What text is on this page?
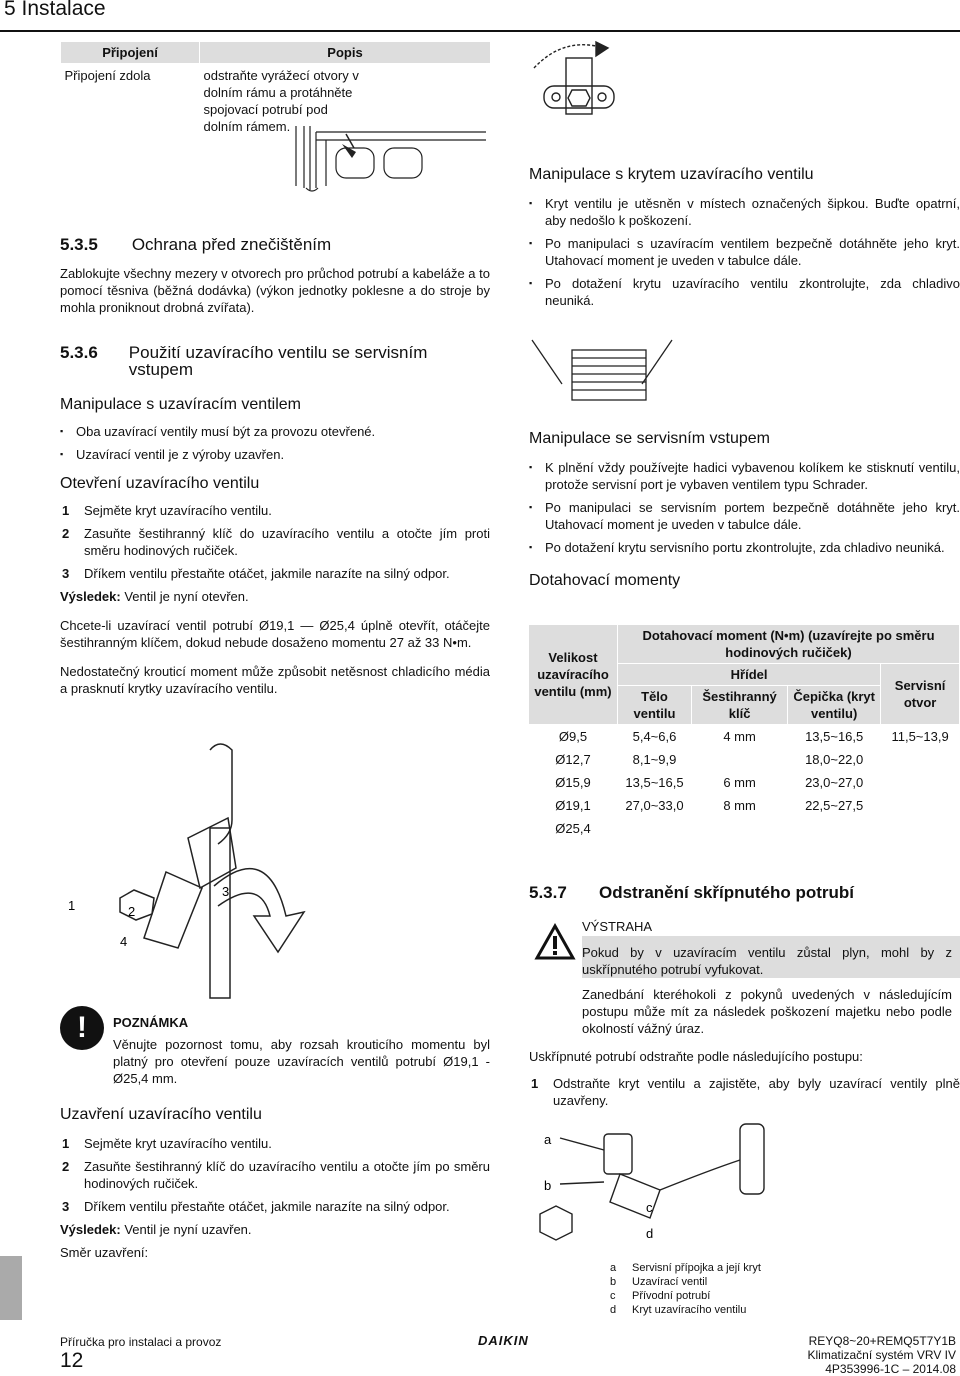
5 Instalace
Připojení	Popis
Připojení zdola	odstraňte vyrážecí otvory v dolním rámu a protáhněte spojovací potrubí pod dolním rámem.
5.3.5 Ochrana před znečištěním

Zablokujte všechny mezery v otvorech pro průchod potrubí a kabeláže a to pomocí těsniva (běžná dodávka) (výkon jednotky poklesne a do stroje by mohla proniknout drobná zvířata).

5.3.6	Použití uzavíracího ventilu se servisním vstupem
Manipulace s uzavíracím ventilem
▪ Oba uzavírací ventily musí být za provozu otevřené.
▪ Uzavírací ventil je z výroby uzavřen.
Otevření uzavíracího ventilu
1 Sejměte kryt uzavíracího ventilu.
2 Zasuňte šestihranný klíč do uzavíracího ventilu a otočte jím proti směru hodinových ručiček.
3 Dříkem ventilu přestaňte otáčet, jakmile narazíte na silný odpor.
Výsledek: Ventil je nyní otevřen.

Chcete-li uzavírací ventil potrubí Ø19,1 — Ø25,4 úplně otevřít, otáčejte šestihranným klíčem, dokud nebude dosaženo momentu 27 až 33 N•m.

Nedostatečný krouticí moment může způsobit netěsnost chladicího média a prasknutí krytky uzavíracího ventilu.

2
1
3
4
!	POZNÁMKA
Věnujte pozornost tomu, aby rozsah krouticího momentu byl platný pro otevření pouze uzavíracích ventilů potrubí Ø19,1 - Ø25,4 mm.
Uzavření uzavíracího ventilu
1 Sejměte kryt uzavíracího ventilu.
2 Zasuňte šestihranný klíč do uzavíracího ventilu a otočte jím po směru hodinových ručiček.
3 Dříkem ventilu přestaňte otáčet, jakmile narazíte na silný odpor.
Výsledek: Ventil je nyní uzavřen.
Směr uzavření:
Manipulace s krytem uzavíracího ventilu
▪ Kryt ventilu je utěsněn v místech označených šipkou. Buďte opatrní, aby nedošlo k poškození.
▪ Po manipulaci s uzavíracím ventilem bezpečně dotáhněte jeho kryt. Utahovací moment je uveden v tabulce dále.
▪ Po dotažení krytu uzavíracího ventilu zkontrolujte, zda chladivo neuniká.
Manipulace se servisním vstupem
▪ K plnění vždy používejte hadici vybavenou kolíkem ke stisknutí ventilu, protože servisní port je vybaven ventilem typu Schrader.
▪ Po manipulaci se servisním portem bezpečně dotáhněte jeho kryt. Utahovací moment je uveden v tabulce dále.
▪ Po dotažení krytu servisního portu zkontrolujte, zda chladivo neuniká.
Dotahovací momenty
Velikost uzavíracího ventilu (mm)	Dotahovací moment (N•m) (uzavírejte po směru hodinových ručiček)			
	Hřídel			Servisní otvor
	Tělo ventilu	Šestihranný klíč	Čepička (kryt ventilu)	
Ø9,5	5,4~6,6	4 mm	13,5~16,5	11,5~13,9
Ø12,7	8,1~9,9		18,0~22,0	
Ø15,9	13,5~16,5	6 mm	23,0~27,0	
Ø19,1	27,0~33,0	8 mm	22,5~27,5	
Ø25,4				
5.3.7	Odstranění skřípnutého potrubí
VÝSTRAHA
Pokud by v uzavíracím ventilu zůstal plyn, mohl by z uskřípnutého potrubí vyfukovat.
Zanedbání kteréhokoli z pokynů uvedených v následujícím postupu může mít za následek poškození majetku nebo podle okolností vážný úraz.
Uskřípnuté potrubí odstraňte podle následujícího postupu:
1 Odstraňte kryt ventilu a zajistěte, aby byly uzavírací ventily plně uzavřeny.
a
b
c
d
a Servisní přípojka a její kryt
b Uzavírací ventil
c Přívodní potrubí
d Kryt uzavíracího ventilu
Příručka pro instalaci a provoz
12
DAIKIN	REYQ8~20+REMQ5T7Y1B
Klimatizační systém VRV IV
4P353996-1C – 2014.08
